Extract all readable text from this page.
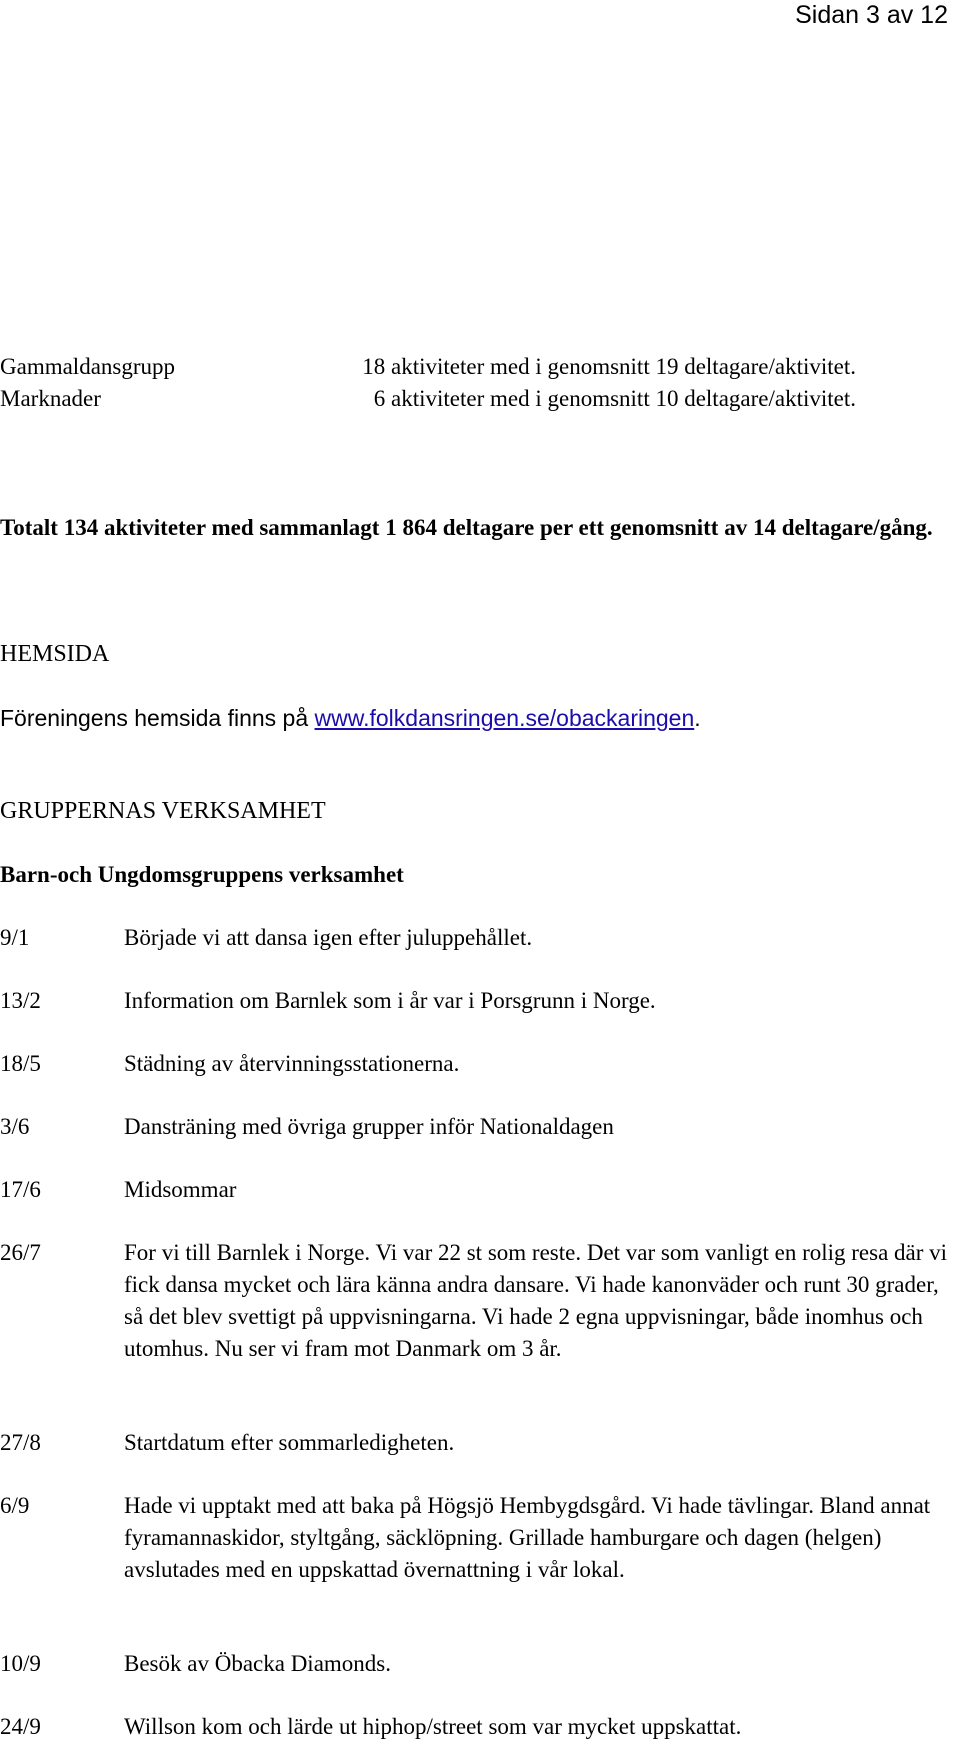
Sidan 3 av 12
Gammaldansgrupp	18 aktiviteter med i genomsnitt 19 deltagare/aktivitet.
Marknader	6 aktiviteter med i genomsnitt 10 deltagare/aktivitet.
Totalt 134 aktiviteter med sammanlagt 1 864 deltagare per ett genomsnitt av 14 deltagare/gång.
HEMSIDA
Föreningens hemsida finns på www.folkdansringen.se/obackaringen.
GRUPPERNAS VERKSAMHET
Barn-och Ungdomsgruppens verksamhet
9/1	Började vi att dansa igen efter juluppehållet.
13/2	Information om Barnlek som i år var i Porsgrunn i Norge.
18/5	Städning av återvinningsstationerna.
3/6	Dansträning med övriga grupper inför Nationaldagen
17/6	Midsommar
26/7	For vi till Barnlek i Norge. Vi var 22 st som reste. Det var som vanligt en rolig resa där vi fick dansa mycket och lära känna andra dansare. Vi hade kanonväder och runt 30 grader, så det blev svettigt på uppvisningarna. Vi hade 2 egna uppvisningar, både inomhus och utomhus. Nu ser vi fram mot Danmark om 3 år.
27/8	Startdatum efter sommarledigheten.
6/9	Hade vi upptakt med att baka på Högsjö Hembygdsgård. Vi hade tävlingar. Bland annat fyramannaskidor, styltgång, säcklöpning. Grillade hamburgare och dagen (helgen) avslutades med en uppskattad övernattning i vår lokal.
10/9	Besök av Öbacka Diamonds.
24/9	Willson kom och lärde ut hiphop/street som var mycket uppskattat.
